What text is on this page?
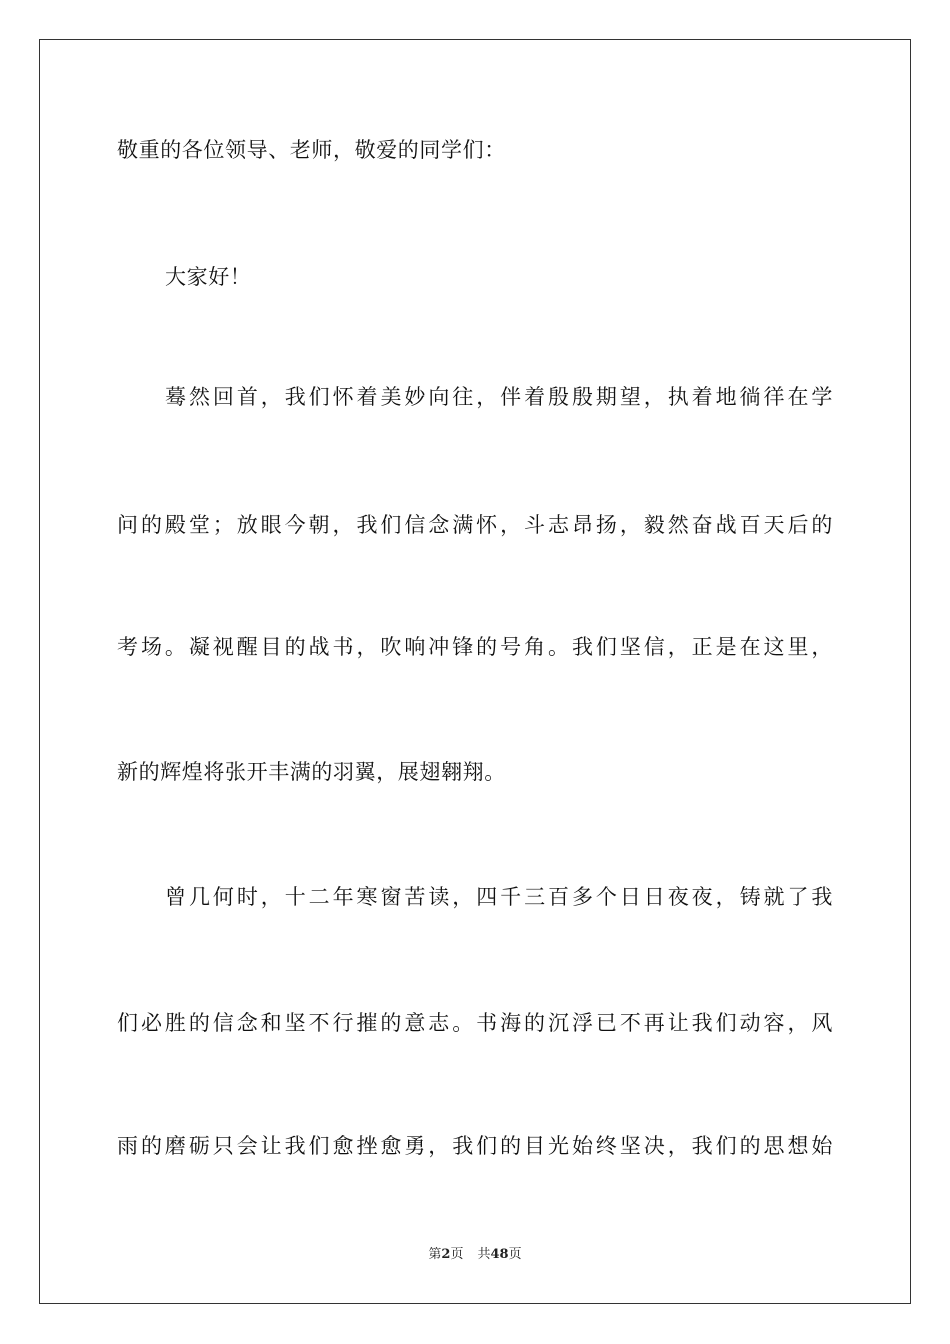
敬重的各位领导、老师，敬爱的同学们：
大家好！
蓦然回首，我们怀着美妙向往，伴着殷殷期望，执着地徜徉在学
问的殿堂；放眼今朝，我们信念满怀，斗志昂扬，毅然奋战百天后的
考场。凝视醒目的战书，吹响冲锋的号角。我们坚信，正是在这里，
新的辉煌将张开丰满的羽翼，展翅翱翔。
曾几何时，十二年寒窗苦读，四千三百多个日日夜夜，铸就了我
们必胜的信念和坚不行摧的意志。书海的沉浮已不再让我们动容，风
雨的磨砺只会让我们愈挫愈勇，我们的目光始终坚决，我们的思想始
第2页 共48页
